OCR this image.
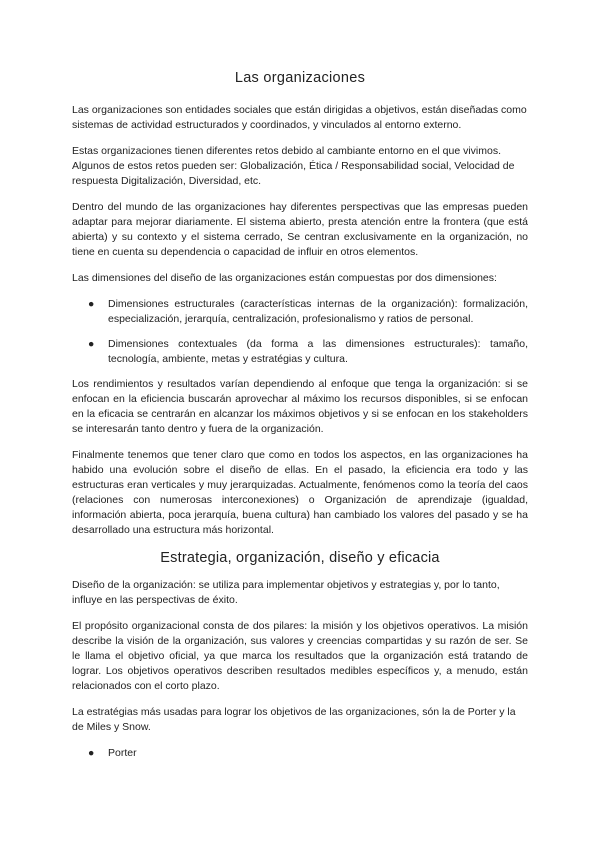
Las organizaciones

Las organizaciones son entidades sociales que están dirigidas a objetivos, están diseñadas como sistemas de actividad estructurados y coordinados, y vinculados al entorno externo.

Estas organizaciones tienen diferentes retos debido al cambiante entorno en el que vivimos. Algunos de estos retos pueden ser: Globalización, Ética / Responsabilidad social, Velocidad de respuesta Digitalización, Diversidad, etc.

Dentro del mundo de las organizaciones hay diferentes perspectivas que las empresas pueden adaptar para mejorar diariamente. El sistema abierto, presta atención entre la frontera (que está abierta) y su contexto y el sistema cerrado, Se centran exclusivamente en la organización, no tiene en cuenta su dependencia o capacidad de influir en otros elementos.

Las dimensiones del diseño de las organizaciones están compuestas por dos dimensiones:

● Dimensiones estructurales (características internas de la organización): formalización, especialización, jerarquía, centralización, profesionalismo y ratios de personal.
● Dimensiones contextuales (da forma a las dimensiones estructurales): tamaño, tecnología, ambiente, metas y estratégias y cultura.

Los rendimientos y resultados varían dependiendo al enfoque que tenga la organización: si se enfocan en la eficiencia buscarán aprovechar al máximo los recursos disponibles, si se enfocan en la eficacia se centrarán en alcanzar los máximos objetivos y si se enfocan en los stakeholders se interesarán tanto dentro y fuera de la organización.

Finalmente tenemos que tener claro que como en todos los aspectos, en las organizaciones ha habido una evolución sobre el diseño de ellas. En el pasado, la eficiencia era todo y las estructuras eran verticales y muy jerarquizadas. Actualmente, fenómenos como la teoría del caos (relaciones con numerosas interconexiones) o Organización de aprendizaje (igualdad, información abierta, poca jerarquía, buena cultura) han cambiado los valores del pasado y se ha desarrollado una estructura más horizontal.

Estrategia, organización, diseño y eficacia

Diseño de la organización: se utiliza para implementar objetivos y estrategias y, por lo tanto, influye en las perspectivas de éxito.

El propósito organizacional consta de dos pilares: la misión y los objetivos operativos. La misión describe la visión de la organización, sus valores y creencias compartidas y su razón de ser. Se le llama el objetivo oficial, ya que marca los resultados que la organización está tratando de lograr. Los objetivos operativos describen resultados medibles específicos y, a menudo, están relacionados con el corto plazo.

La estratégias más usadas para lograr los objetivos de las organizaciones, són la de Porter y la de Miles y Snow.

● Porter
